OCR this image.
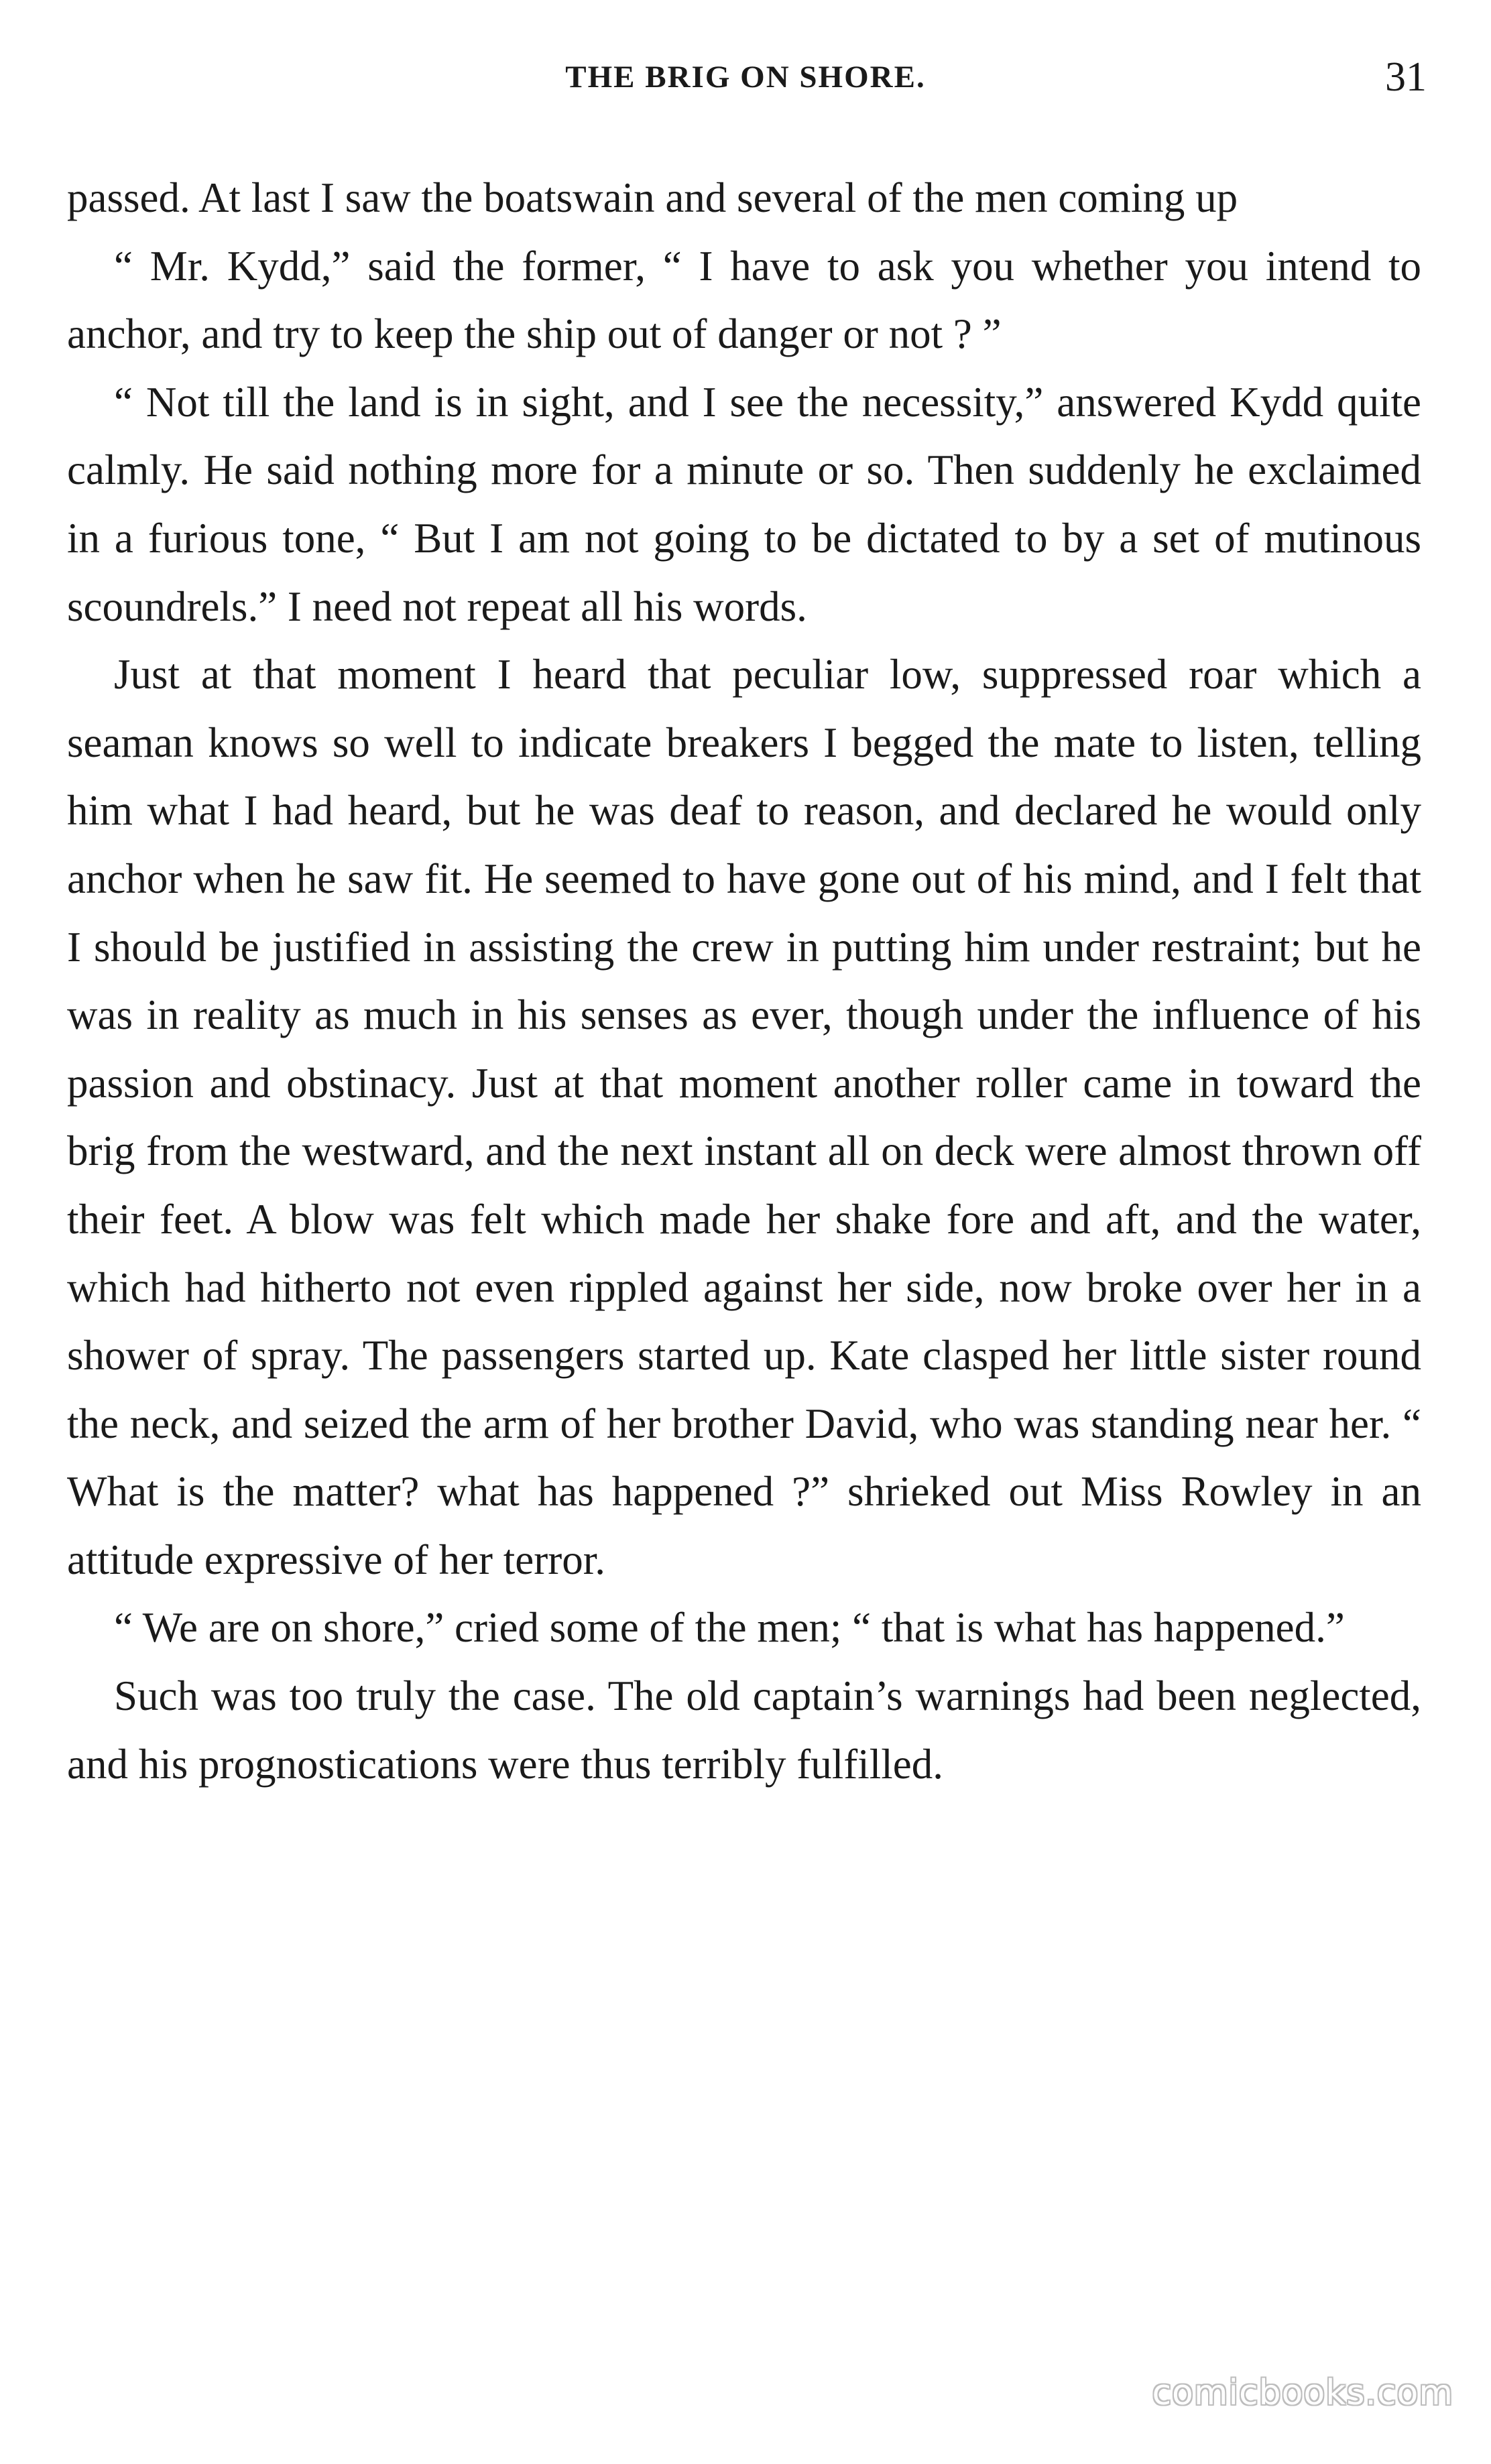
THE BRIG ON SHORE.	31

passed. At last I saw the boatswain and several of the men coming up

“ Mr. Kydd,” said the former, “ I have to ask you whether you intend to anchor, and try to keep the ship out of danger or not ? ”

“ Not till the land is in sight, and I see the necessity,” answered Kydd quite calmly. He said nothing more for a minute or so. Then suddenly he exclaimed in a furious tone, “ But I am not going to be dictated to by a set of mutinous scoundrels.” I need not repeat all his words.

Just at that moment I heard that peculiar low, suppressed roar which a seaman knows so well to indicate breakers I begged the mate to listen, telling him what I had heard, but he was deaf to reason, and declared he would only anchor when he saw fit. He seemed to have gone out of his mind, and I felt that I should be justified in assisting the crew in putting him under restraint; but he was in reality as much in his senses as ever, though under the influence of his passion and obstinacy. Just at that moment another roller came in toward the brig from the westward, and the next instant all on deck were almost thrown off their feet. A blow was felt which made her shake fore and aft, and the water, which had hitherto not even rippled against her side, now broke over her in a shower of spray. The passengers started up. Kate clasped her little sister round the neck, and seized the arm of her brother David, who was standing near her. “ What is the matter? what has happened ?” shrieked out Miss Rowley in an attitude expressive of her terror.

“ We are on shore,” cried some of the men; “ that is what has happened.”

Such was too truly the case. The old captain’s warnings had been neglected, and his prognostications were thus terribly fulfilled.

comicbooks.com
